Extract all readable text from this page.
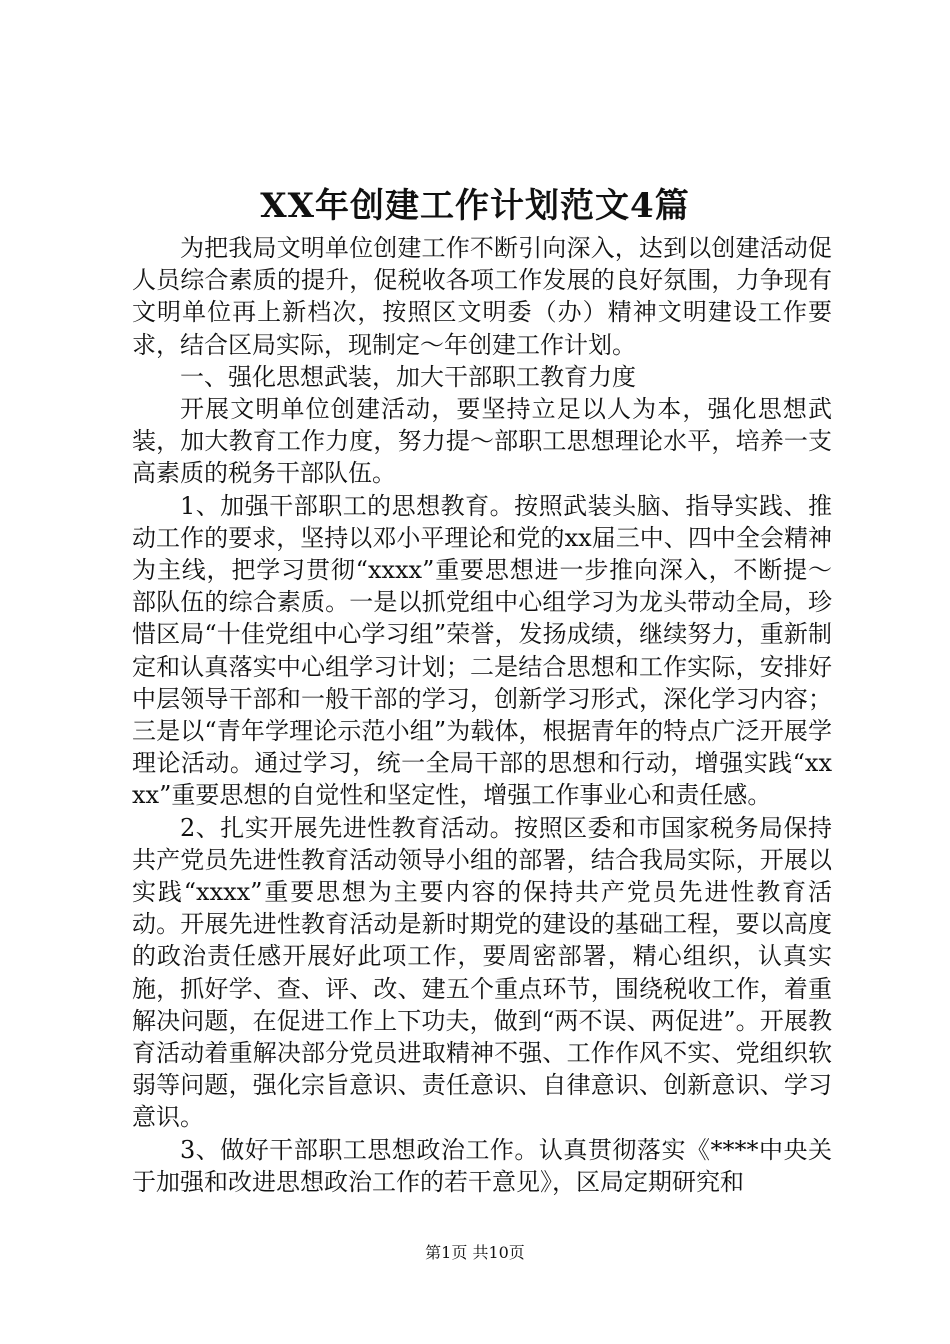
XX年创建工作计划范文4篇

为把我局文明单位创建工作不断引向深入，达到以创建活动促人员综合素质的提升，促税收各项工作发展的良好氛围，力争现有文明单位再上新档次，按照区文明委（办）精神文明建设工作要求，结合区局实际，现制定～年创建工作计划。

一、强化思想武装，加大干部职工教育力度

开展文明单位创建活动，要坚持立足以人为本，强化思想武装，加大教育工作力度，努力提～部职工思想理论水平，培养一支高素质的税务干部队伍。

1、加强干部职工的思想教育。按照武装头脑、指导实践、推动工作的要求，坚持以邓小平理论和党的xx届三中、四中全会精神为主线，把学习贯彻“xxxx”重要思想进一步推向深入，不断提～部队伍的综合素质。一是以抓党组中心组学习为龙头带动全局，珍惜区局“十佳党组中心学习组”荣誉，发扬成绩，继续努力，重新制定和认真落实中心组学习计划；二是结合思想和工作实际，安排好中层领导干部和一般干部的学习，创新学习形式，深化学习内容；三是以“青年学理论示范小组”为载体，根据青年的特点广泛开展学理论活动。通过学习，统一全局干部的思想和行动，增强实践“xxxx”重要思想的自觉性和坚定性，增强工作事业心和责任感。

2、扎实开展先进性教育活动。按照区委和市国家税务局保持共产党员先进性教育活动领导小组的部署，结合我局实际，开展以实践“xxxx”重要思想为主要内容的保持共产党员先进性教育活动。开展先进性教育活动是新时期党的建设的基础工程，要以高度的政治责任感开展好此项工作，要周密部署，精心组织，认真实施，抓好学、查、评、改、建五个重点环节，围绕税收工作，着重解决问题，在促进工作上下功夫，做到“两不误、两促进”。开展教育活动着重解决部分党员进取精神不强、工作作风不实、党组织软弱等问题，强化宗旨意识、责任意识、自律意识、创新意识、学习意识。

3、做好干部职工思想政治工作。认真贯彻落实《****中央关于加强和改进思想政治工作的若干意见》，区局定期研究和

第1页 共10页
